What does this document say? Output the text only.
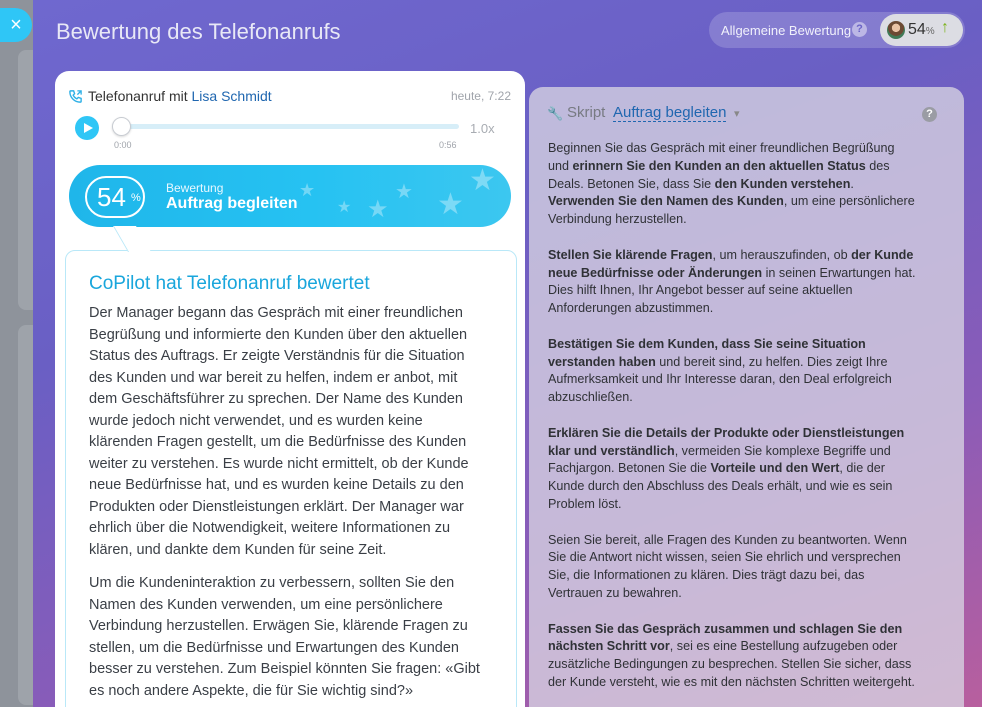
×	Bewertung des Telefonanrufs	Allgemeine Bewertung ?	54% ↑
Telefonanruf mit Lisa Schmidt	heute, 7:22
1.0x
0:00	0:56
★
★ ★
★ ★
★
54 %
Bewertung
Auftrag begleiten
CoPilot hat Telefonanruf bewertet

Der Manager begann das Gespräch mit einer freundlichen Begrüßung und informierte den Kunden über den aktuellen Status des Auftrags. Er zeigte Verständnis für die Situation des Kunden und war bereit zu helfen, indem er anbot, mit dem Geschäftsführer zu sprechen. Der Name des Kunden wurde jedoch nicht verwendet, und es wurden keine klärenden Fragen gestellt, um die Bedürfnisse des Kunden weiter zu verstehen. Es wurde nicht ermittelt, ob der Kunde neue Bedürfnisse hat, und es wurden keine Details zu den Produkten oder Dienstleistungen erklärt. Der Manager war ehrlich über die Notwendigkeit, weitere Informationen zu klären, und dankte dem Kunden für seine Zeit.

Um die Kundeninteraktion zu verbessern, sollten Sie den Namen des Kunden verwenden, um eine persönlichere Verbindung herzustellen. Erwägen Sie, klärende Fragen zu stellen, um die Bedürfnisse und Erwartungen des Kunden besser zu verstehen. Zum Beispiel könnten Sie fragen: «Gibt es noch andere Aspekte, die für Sie wichtig sind?»

🔧 Skript Auftrag begleiten ▾	?

Beginnen Sie das Gespräch mit einer freundlichen Begrüßung und erinnern Sie den Kunden an den aktuellen Status des Deals. Betonen Sie, dass Sie den Kunden verstehen. Verwenden Sie den Namen des Kunden, um eine persönlichere Verbindung herzustellen.

Stellen Sie klärende Fragen, um herauszufinden, ob der Kunde neue Bedürfnisse oder Änderungen in seinen Erwartungen hat. Dies hilft Ihnen, Ihr Angebot besser auf seine aktuellen Anforderungen abzustimmen.

Bestätigen Sie dem Kunden, dass Sie seine Situation verstanden haben und bereit sind, zu helfen. Dies zeigt Ihre Aufmerksamkeit und Ihr Interesse daran, den Deal erfolgreich abzuschließen.

Erklären Sie die Details der Produkte oder Dienstleistungen klar und verständlich, vermeiden Sie komplexe Begriffe und Fachjargon. Betonen Sie die Vorteile und den Wert, die der Kunde durch den Abschluss des Deals erhält, und wie es sein Problem löst.

Seien Sie bereit, alle Fragen des Kunden zu beantworten. Wenn Sie die Antwort nicht wissen, seien Sie ehrlich und versprechen Sie, die Informationen zu klären. Dies trägt dazu bei, das Vertrauen zu bewahren.

Fassen Sie das Gespräch zusammen und schlagen Sie den nächsten Schritt vor, sei es eine Bestellung aufzugeben oder zusätzliche Bedingungen zu besprechen. Stellen Sie sicher, dass der Kunde versteht, wie es mit den nächsten Schritten weitergeht.
